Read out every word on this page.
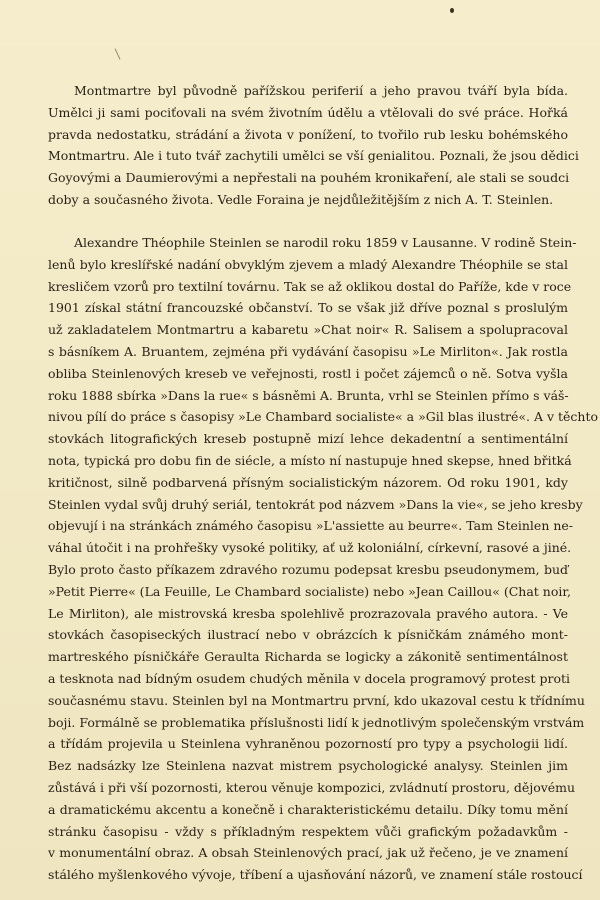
Montmartre byl původně pařížskou periferií a jeho pravou tváří byla bída.
Umělci ji sami pociťovali na svém životním údělu a vtělovali do své práce. Hořká
pravda nedostatku, strádání a života v ponížení, to tvořilo rub lesku bohémského
Montmartru. Ale i tuto tvář zachytili umělci se vší genialitou. Poznali, že jsou dědici
Goyovými a Daumierovými a nepřestali na pouhém kronikaření, ale stali se soudci
doby a současného života. Vedle Foraina je nejdůležitějším z nich A. T. Steinlen.
Alexandre Théophile Steinlen se narodil roku 1859 v Lausanne. V rodině Stein-
lenů bylo kreslířské nadání obvyklým zjevem a mladý Alexandre Théophile se stal
kresličem vzorů pro textilní továrnu. Tak se až oklikou dostal do Paříže, kde v roce
1901 získal státní francouzské občanství. To se však již dříve poznal s proslulým
už zakladatelem Montmartru a kabaretu »Chat noir« R. Salisem a spolupracoval
s básníkem A. Bruantem, zejména při vydávání časopisu »Le Mirliton«. Jak rostla
obliba Steinlenových kreseb ve veřejnosti, rostl i počet zájemců o ně. Sotva vyšla
roku 1888 sbírka »Dans la rue« s básněmi A. Brunta, vrhl se Steinlen přímo s váš-
nivou pílí do práce s časopisy »Le Chambard socialiste« a »Gil blas ilustré«. A v těchto
stovkách litografických kreseb postupně mizí lehce dekadentní a sentimentální
nota, typická pro dobu fin de siécle, a místo ní nastupuje hned skepse, hned břitká
kritičnost, silně podbarvená přísným socialistickým názorem. Od roku 1901, kdy
Steinlen vydal svůj druhý seriál, tentokrát pod názvem »Dans la vie«, se jeho kresby
objevují i na stránkách známého časopisu »L'assiette au beurre«. Tam Steinlen ne-
váhal útočit i na prohřešky vysoké politiky, ať už koloniální, církevní, rasové a jiné.
Bylo proto často příkazem zdravého rozumu podepsat kresbu pseudonymem, buď
»Petit Pierre« (La Feuille, Le Chambard socialiste) nebo »Jean Caillou« (Chat noir,
Le Mirliton), ale mistrovská kresba spolehlivě prozrazovala pravého autora. - Ve
stovkách časopiseckých ilustrací nebo v obrázcích k písničkám známého mont-
martreského písničkáře Geraulta Richarda se logicky a zákonitě sentimentálnost
a tesknota nad bídným osudem chudých měnila v docela programový protest proti
současnému stavu. Steinlen byl na Montmartru první, kdo ukazoval cestu k třídnímu
boji. Formálně se problematika příslušnosti lidí k jednotlivým společenským vrstvám
a třídám projevila u Steinlena vyhraněnou pozorností pro typy a psychologii lidí.
Bez nadsázky lze Steinlena nazvat mistrem psychologické analysy. Steinlen jim
zůstává i při vší pozornosti, kterou věnuje kompozici, zvládnutí prostoru, dějovému
a dramatickému akcentu a konečně i charakteristickému detailu. Díky tomu mění
stránku časopisu - vždy s příkladným respektem vůči grafickým požadavkům -
v monumentální obraz. A obsah Steinlenových prací, jak už řečeno, je ve znamení
stálého myšlenkového vývoje, tříbení a ujasňování názorů, ve znamení stále rostoucí
